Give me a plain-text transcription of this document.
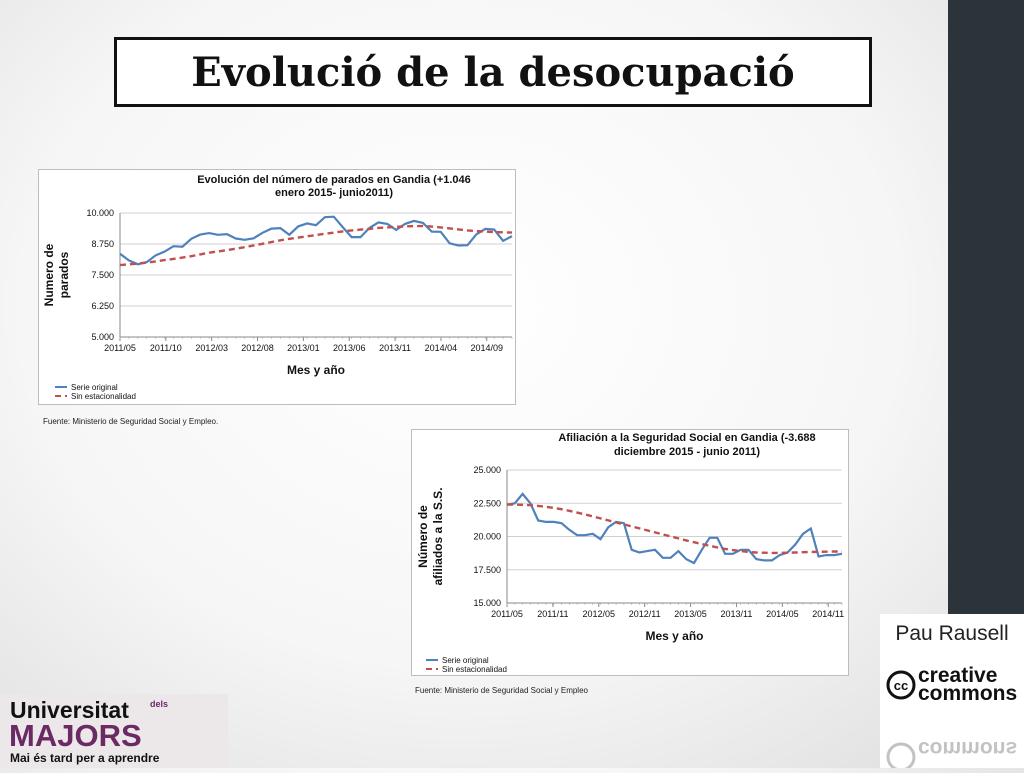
Evolució de la desocupació
Evolución del número de parados en Gandia (+1.046
enero 2015- junio2011)
5.000
6.250
7.500
8.750
10.000
2011/05 2011/10 2012/03 2012/08 2013/01 2013/06 2013/11 2014/04 2014/09
Mes y año
Numero de parados
Serie original
Sin estacionalidad
Fuente: Ministerio de Seguridad Social y Empleo.
Afiliación a la Seguridad Social en Gandia (-3.688
diciembre 2015 - junio 2011)
15.000
17.500
20.000
22.500
25.000
2011/05 2011/11 2012/05 2012/11 2013/05 2013/11 2014/05 2014/11
Mes y año
Número de afiliados a la S.S.
Serie original
Sin estacionalidad
Fuente: Ministerio de Seguridad Social y Empleo
Pau Rausell
cc creative
commons
commons
Universitat dels
MAJORS
Mai és tard per a aprendre
